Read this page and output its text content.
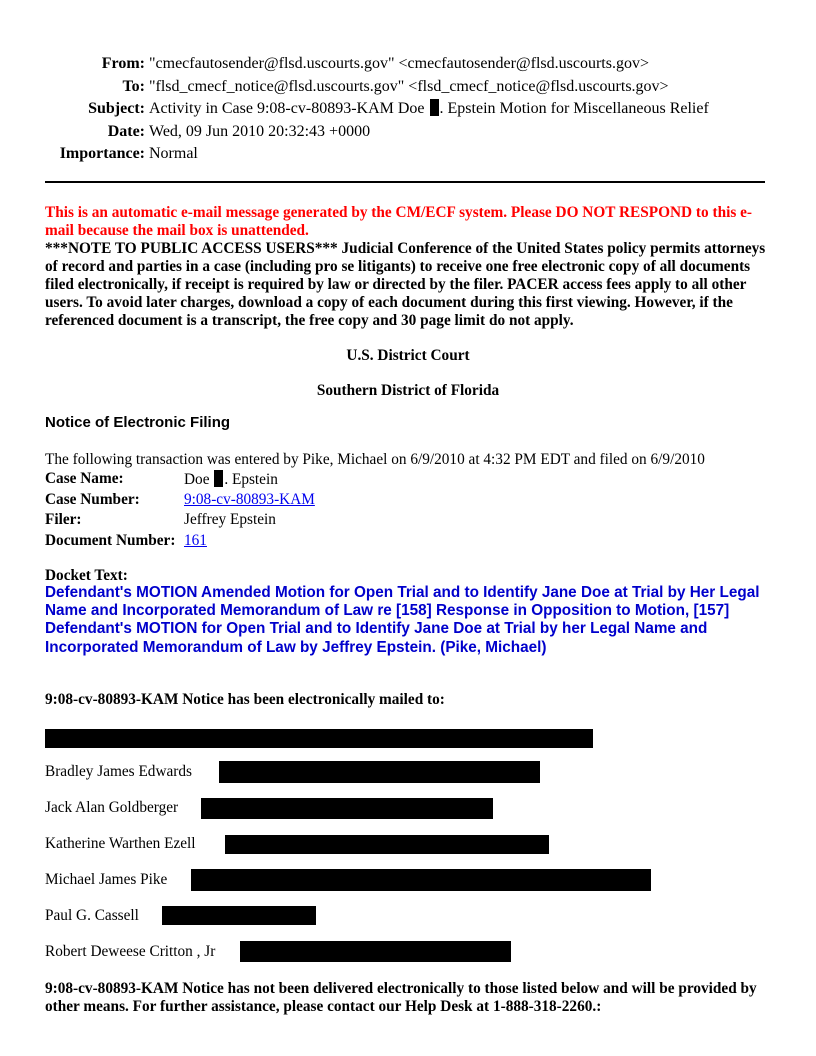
From: "cmecfautosender@flsd.uscourts.gov" <cmecfautosender@flsd.uscourts.gov>
To: "flsd_cmecf_notice@flsd.uscourts.gov" <flsd_cmecf_notice@flsd.uscourts.gov>
Subject: Activity in Case 9:08-cv-80893-KAM Doe . Epstein Motion for Miscellaneous Relief
Date: Wed, 09 Jun 2010 20:32:43 +0000
Importance: Normal
This is an automatic e-mail message generated by the CM/ECF system. Please DO NOT RESPOND to this e-mail because the mail box is unattended.
***NOTE TO PUBLIC ACCESS USERS*** Judicial Conference of the United States policy permits attorneys of record and parties in a case (including pro se litigants) to receive one free electronic copy of all documents filed electronically, if receipt is required by law or directed by the filer. PACER access fees apply to all other users. To avoid later charges, download a copy of each document during this first viewing. However, if the referenced document is a transcript, the free copy and 30 page limit do not apply.
U.S. District Court
Southern District of Florida
Notice of Electronic Filing
The following transaction was entered by Pike, Michael on 6/9/2010 at 4:32 PM EDT and filed on 6/9/2010
Case Name:	Doe . Epstein
Case Number:	9:08-cv-80893-KAM
Filer:	Jeffrey Epstein
Document Number:	161
Docket Text:
Defendant's MOTION Amended Motion for Open Trial and to Identify Jane Doe at Trial by Her Legal Name and Incorporated Memorandum of Law re [158] Response in Opposition to Motion, [157] Defendant's MOTION for Open Trial and to Identify Jane Doe at Trial by her Legal Name and Incorporated Memorandum of Law by Jeffrey Epstein. (Pike, Michael)
9:08-cv-80893-KAM Notice has been electronically mailed to:
Bradley James Edwards
Jack Alan Goldberger
Katherine Warthen Ezell
Michael James Pike
Paul G. Cassell
Robert Deweese Critton , Jr
9:08-cv-80893-KAM Notice has not been delivered electronically to those listed below and will be provided by other means. For further assistance, please contact our Help Desk at 1-888-318-2260.:
